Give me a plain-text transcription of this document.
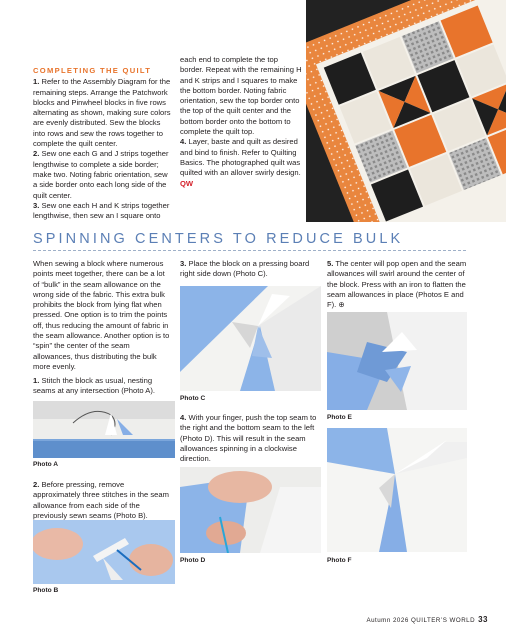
COMPLETING THE QUILT

1. Refer to the Assembly Diagram for the remaining steps. Arrange the Patchwork blocks and Pinwheel blocks in five rows alternating as shown, making sure colors are evenly distributed. Sew the blocks into rows and sew the rows together to complete the quilt center.

2. Sew one each G and J strips together lengthwise to complete a side border; make two. Noting fabric orientation, sew a side border onto each long side of the quilt center.

3. Sew one each H and K strips together lengthwise, then sew an I square onto

each end to complete the top border. Repeat with the remaining H and K strips and I squares to make the bottom border. Noting fabric orientation, sew the top border onto the top of the quilt center and the bottom border onto the bottom to complete the quilt top.

4. Layer, baste and quilt as desired and bind to finish. Refer to Quilting Basics. The photographed quilt was quilted with an allover swirly design. QW

SPINNING CENTERS TO REDUCE BULK

When sewing a block where numerous points meet together, there can be a lot of “bulk” in the seam allowance on the wrong side of the fabric. This extra bulk prohibits the block from lying flat when pressed. One option is to trim the points off, thus reducing the amount of fabric in the seam allowance. Another option is to “spin” the center of the seam allowances, thus distributing the bulk more evenly.

1. Stitch the block as usual, nesting seams at any intersection (Photo A).

Photo A

2. Before pressing, remove approximately three stitches in the seam allowance from each side of the previously sewn seams (Photo B).

Photo B

3. Place the block on a pressing board right side down (Photo C).

Photo C

4. With your finger, push the top seam to the right and the bottom seam to the left (Photo D). This will result in the seam allowances spinning in a clockwise direction.

Photo D

5. The center will pop open and the seam allowances will swirl around the center of the block. Press with an iron to flatten the seam allowances in place (Photos E and F). ⊕

Photo E
Photo F
Autumn 2026 QUILTER’S WORLD 33
